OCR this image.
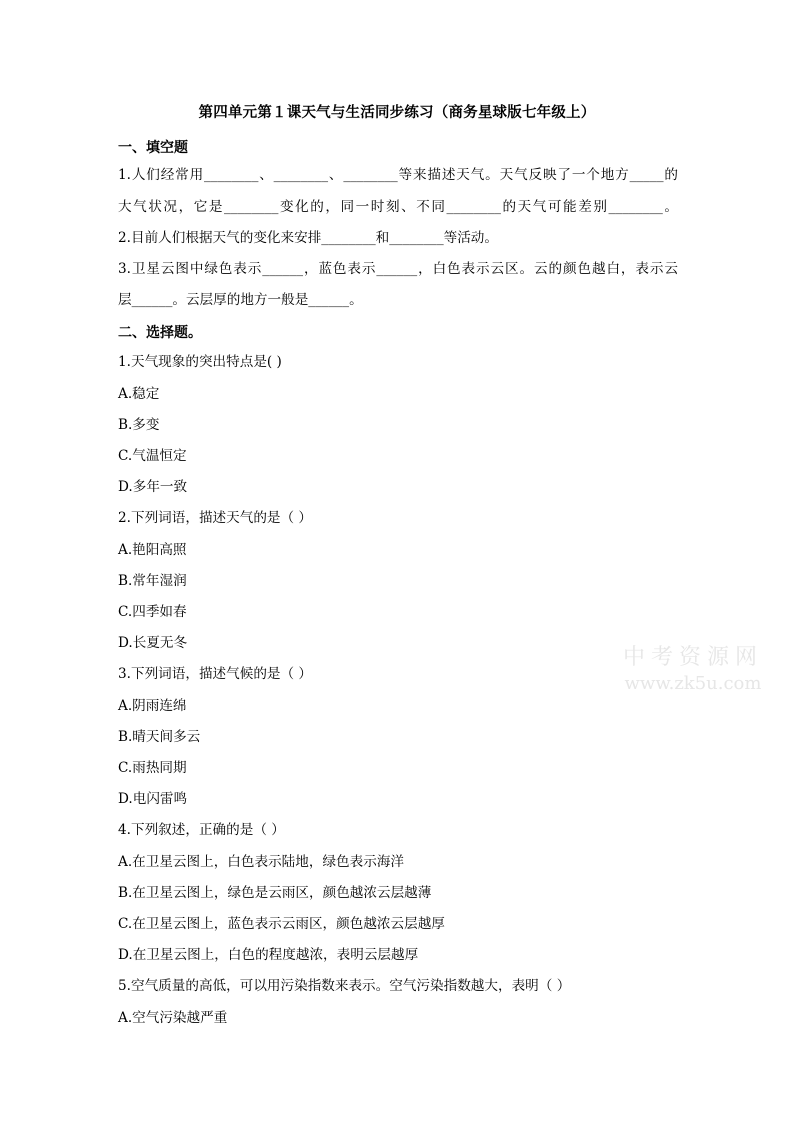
第四单元第１课天气与生活同步练习（商务星球版七年级上）
一、填空题
1.人们经常用________、________、________等来描述天气。天气反映了一个地方_____的
大气状况，它是________变化的，同一时刻、不同________的天气可能差别________。
2.目前人们根据天气的变化来安排________和________等活动。
3.卫星云图中绿色表示______，蓝色表示______，白色表示云区。云的颜色越白，表示云
层______。云层厚的地方一般是______。
二、选择题。
1.天气现象的突出特点是( )
A.稳定
B.多变
C.气温恒定
D.多年一致
2.下列词语，描述天气的是（ ）
A.艳阳高照
B.常年湿润
C.四季如春
D.长夏无冬
3.下列词语，描述气候的是（ ）
A.阴雨连绵
B.晴天间多云
C.雨热同期
D.电闪雷鸣
4.下列叙述，正确的是（ ）
A.在卫星云图上，白色表示陆地，绿色表示海洋
B.在卫星云图上，绿色是云雨区，颜色越浓云层越薄
C.在卫星云图上，蓝色表示云雨区，颜色越浓云层越厚
D.在卫星云图上，白色的程度越浓，表明云层越厚
5.空气质量的高低，可以用污染指数来表示。空气污染指数越大，表明（ ）
A.空气污染越严重
中考资源网
www.zk5u.com
